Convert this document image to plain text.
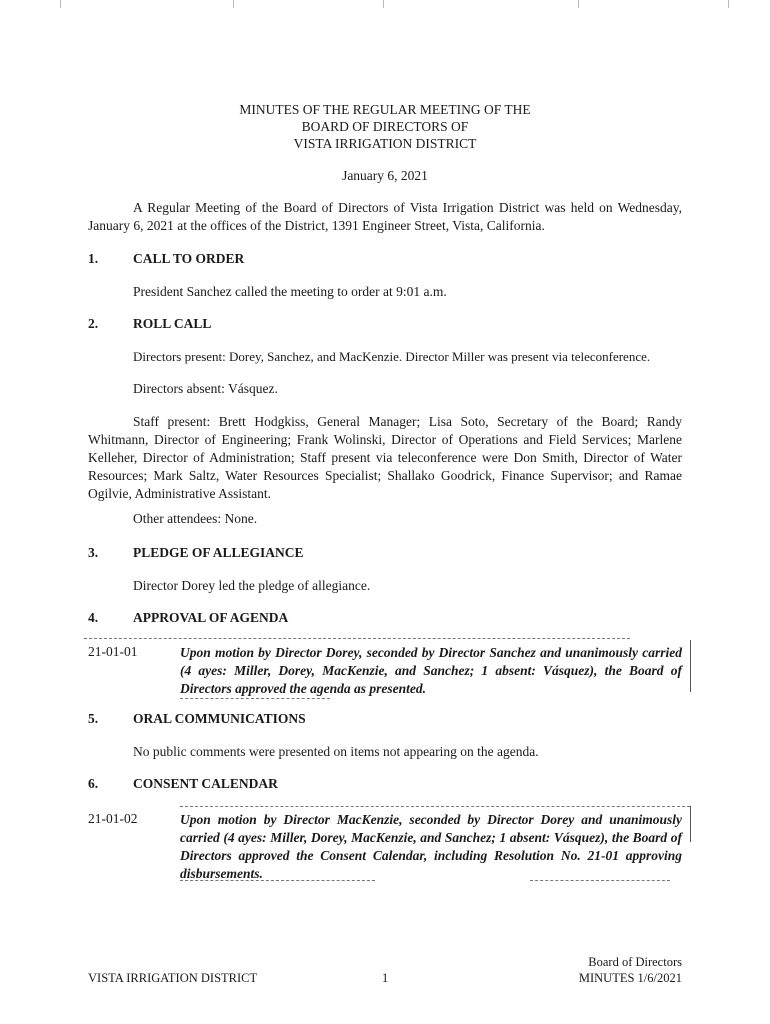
MINUTES OF THE REGULAR MEETING OF THE
BOARD OF DIRECTORS OF
VISTA IRRIGATION DISTRICT
January 6, 2021
A Regular Meeting of the Board of Directors of Vista Irrigation District was held on Wednesday, January 6, 2021 at the offices of the District, 1391 Engineer Street, Vista, California.
1.	CALL TO ORDER
President Sanchez called the meeting to order at 9:01 a.m.
2.	ROLL CALL
Directors present: Dorey, Sanchez, and MacKenzie. Director Miller was present via teleconference.
Directors absent: Vásquez.
Staff present: Brett Hodgkiss, General Manager; Lisa Soto, Secretary of the Board; Randy Whitmann, Director of Engineering; Frank Wolinski, Director of Operations and Field Services; Marlene Kelleher, Director of Administration; Staff present via teleconference were Don Smith, Director of Water Resources; Mark Saltz, Water Resources Specialist; Shallako Goodrick, Finance Supervisor; and Ramae Ogilvie, Administrative Assistant.
Other attendees: None.
3.	PLEDGE OF ALLEGIANCE
Director Dorey led the pledge of allegiance.
4.	APPROVAL OF AGENDA
21-01-01	Upon motion by Director Dorey, seconded by Director Sanchez and unanimously carried (4 ayes: Miller, Dorey, MacKenzie, and Sanchez; 1 absent: Vásquez), the Board of Directors approved the agenda as presented.
5.	ORAL COMMUNICATIONS
No public comments were presented on items not appearing on the agenda.
6.	CONSENT CALENDAR
21-01-02	Upon motion by Director MacKenzie, seconded by Director Dorey and unanimously carried (4 ayes: Miller, Dorey, MacKenzie, and Sanchez; 1 absent: Vásquez), the Board of Directors approved the Consent Calendar, including Resolution No. 21-01 approving disbursements.
VISTA IRRIGATION DISTRICT	1
Board of Directors
MINUTES 1/6/2021
